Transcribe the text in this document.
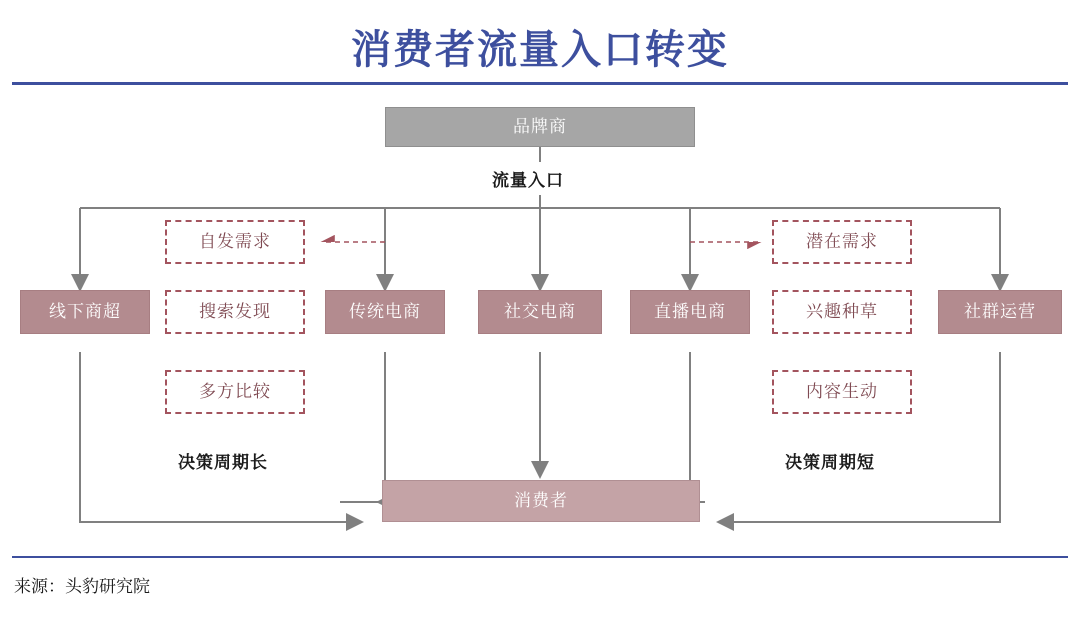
消费者流量入口转变
品牌商
流量入口
线下商超	传统电商	社交电商	直播电商	社群运营
自发需求
搜索发现
多方比较
潜在需求
兴趣种草
内容生动
决策周期长	决策周期短
消费者
来源：头豹研究院
